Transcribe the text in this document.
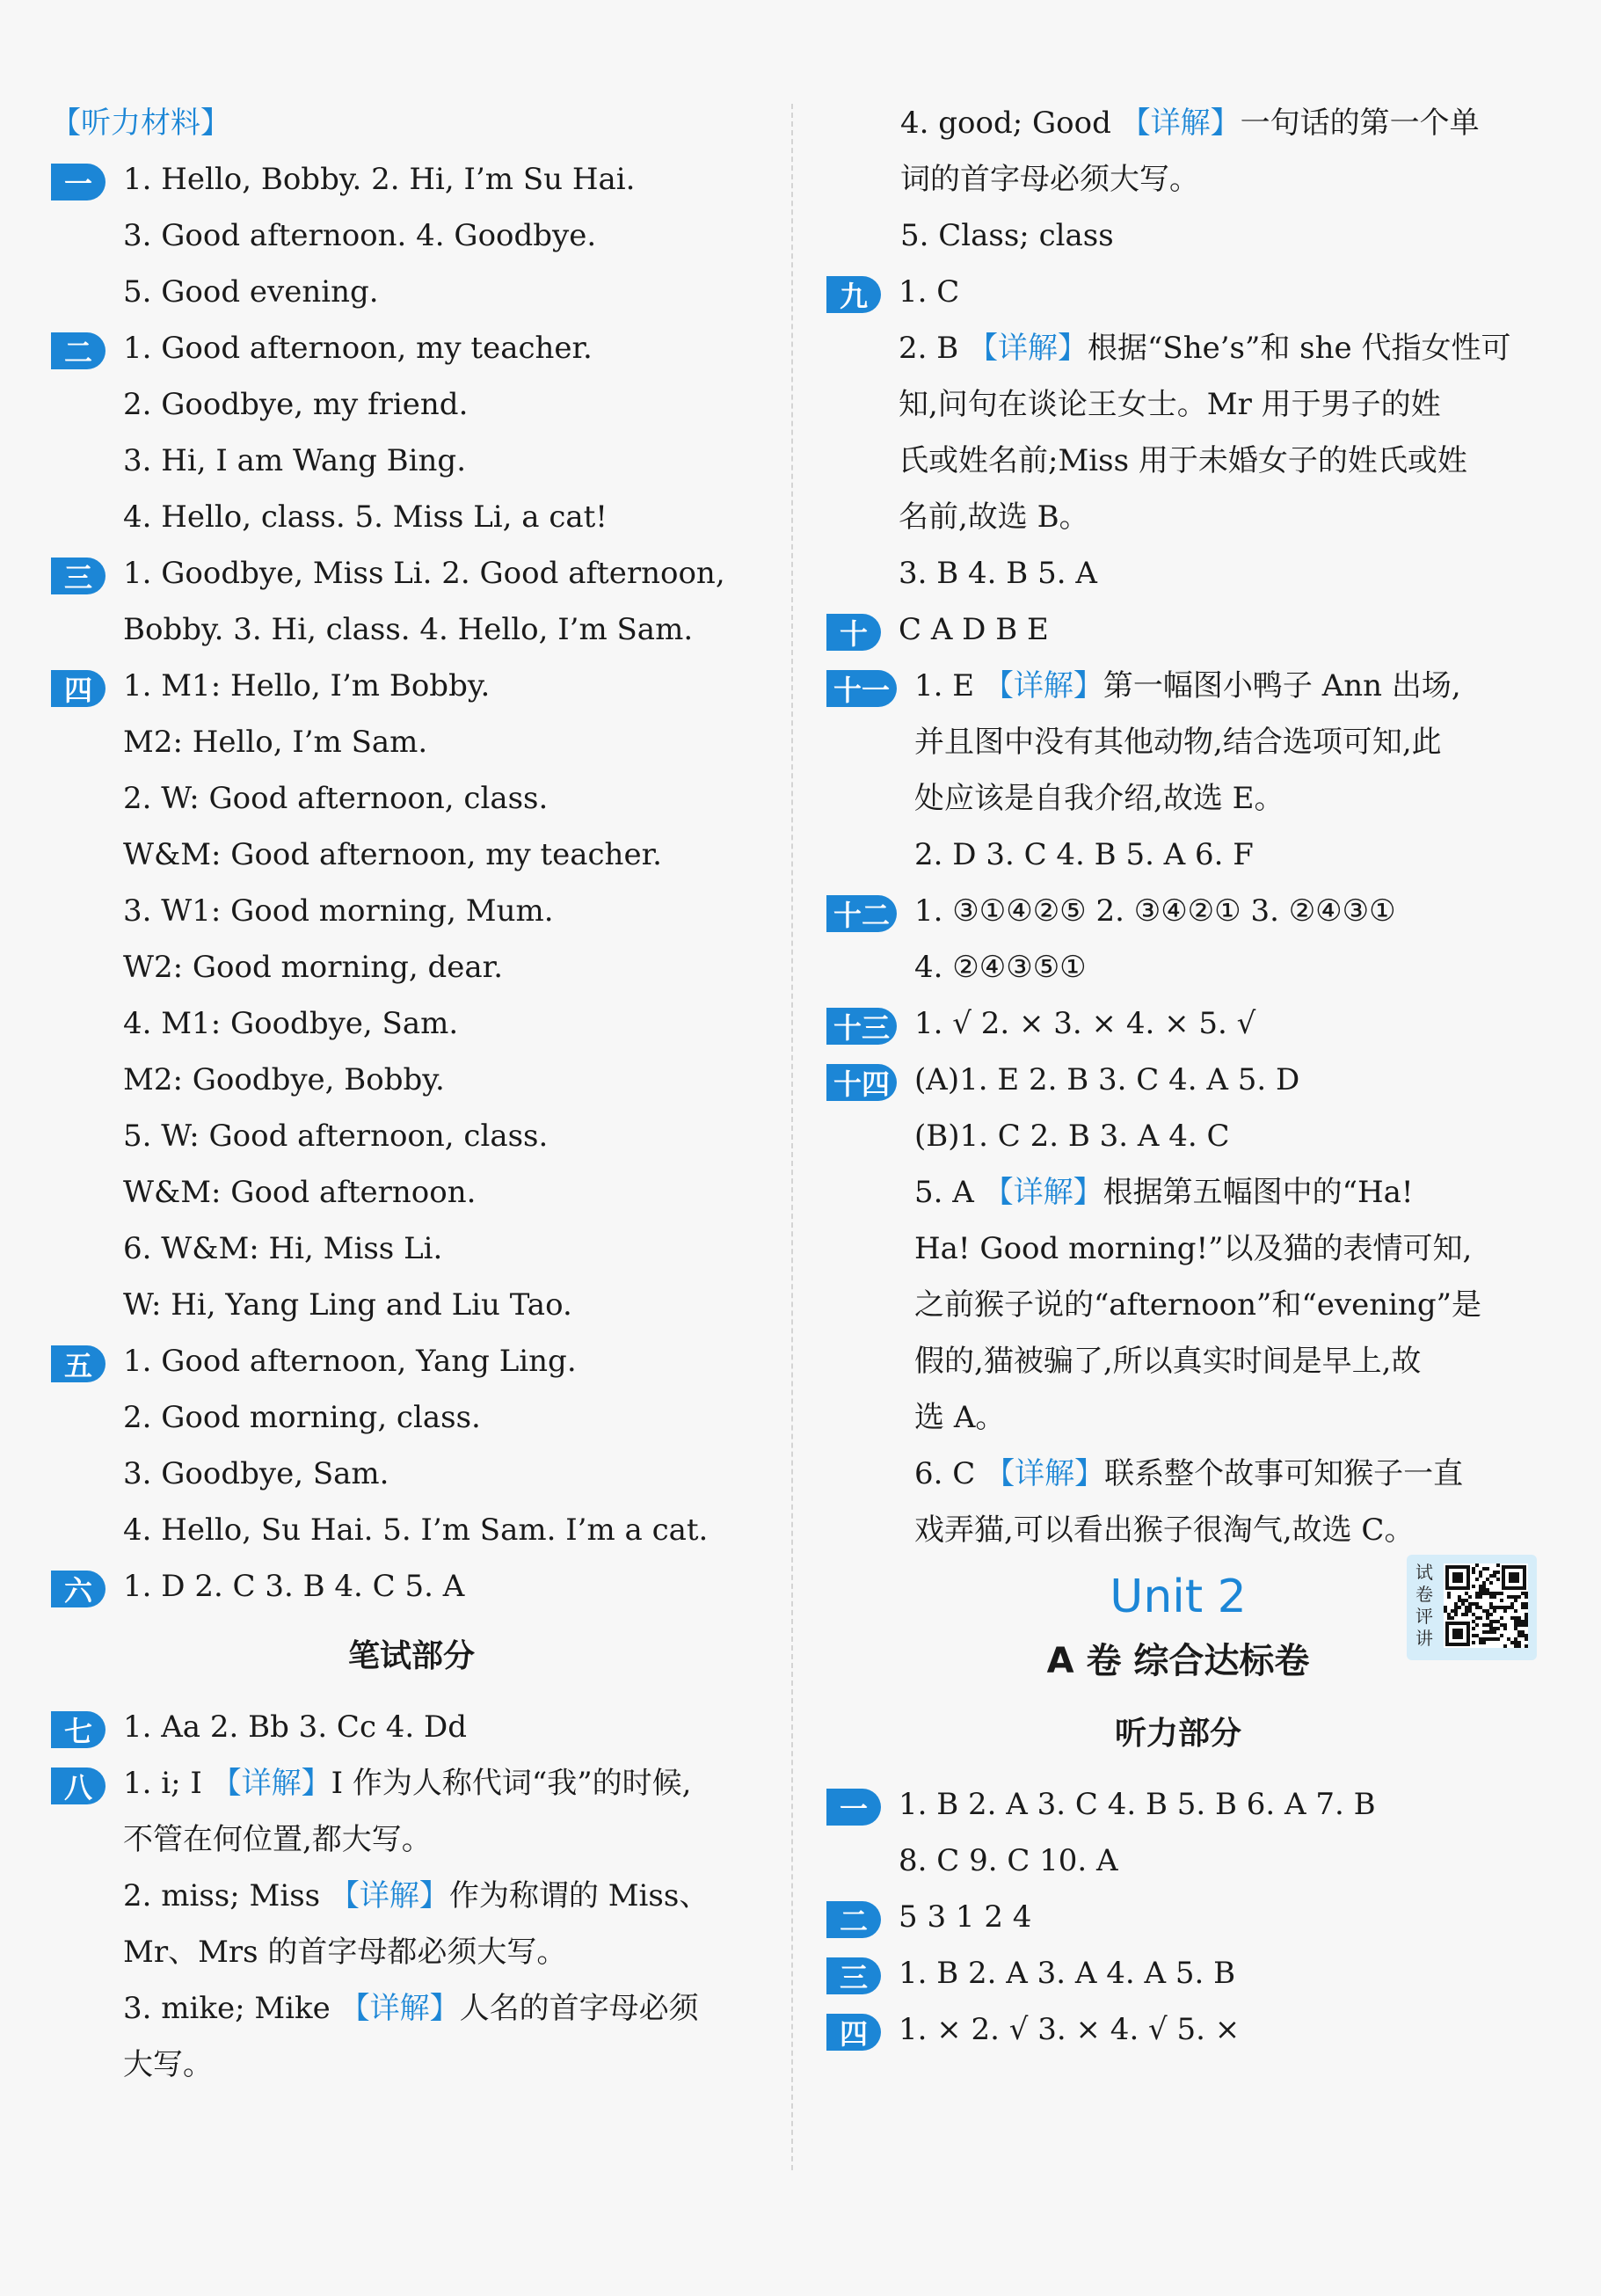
【听力材料】
一	1. Hello, Bobby. 2. Hi, I’m Su Hai.
3. Good afternoon. 4. Goodbye.
5. Good evening.
二	1. Good afternoon, my teacher.
2. Goodbye, my friend.
3. Hi, I am Wang Bing.
4. Hello, class. 5. Miss Li, a cat!
三	1. Goodbye, Miss Li. 2. Good afternoon,
Bobby. 3. Hi, class. 4. Hello, I’m Sam.
四	1. M1: Hello, I’m Bobby.
M2: Hello, I’m Sam.
2. W: Good afternoon, class.
W&M: Good afternoon, my teacher.
3. W1: Good morning, Mum.
W2: Good morning, dear.
4. M1: Goodbye, Sam.
M2: Goodbye, Bobby.
5. W: Good afternoon, class.
W&M: Good afternoon.
6. W&M: Hi, Miss Li.
W: Hi, Yang Ling and Liu Tao.
五	1. Good afternoon, Yang Ling.
2. Good morning, class.
3. Goodbye, Sam.
4. Hello, Su Hai. 5. I’m Sam. I’m a cat.
六	1. D 2. C 3. B 4. C 5. A
笔试部分
七	1. Aa 2. Bb 3. Cc 4. Dd
八	1. i; I 【详解】I 作为人称代词“我”的时候,
不管在何位置,都大写。
2. miss; Miss 【详解】作为称谓的 Miss、
Mr、Mrs 的首字母都必须大写。
3. mike; Mike 【详解】人名的首字母必须
大写。
4. good; Good 【详解】一句话的第一个单
词的首字母必须大写。
5. Class; class
九	1. C
2. B 【详解】根据“She’s”和 she 代指女性可
知,问句在谈论王女士。Mr 用于男子的姓
氏或姓名前;Miss 用于未婚女子的姓氏或姓
名前,故选 B。
3. B 4. B 5. A
十	C A D B E
十一 1. E 【详解】第一幅图小鸭子 Ann 出场,
并且图中没有其他动物,结合选项可知,此
处应该是自我介绍,故选 E。
2. D 3. C 4. B 5. A 6. F
十二 1. ③①④②⑤ 2. ③④②① 3. ②④③①
4. ②④③⑤①
十三 1. √ 2. × 3. × 4. × 5. √
十四 (A)1. E 2. B 3. C 4. A 5. D
(B)1. C 2. B 3. A 4. C
5. A 【详解】根据第五幅图中的“Ha!
Ha! Good morning!”以及猫的表情可知,
之前猴子说的“afternoon”和“evening”是
假的,猫被骗了,所以真实时间是早上,故
选 A。
6. C 【详解】联系整个故事可知猴子一直
戏弄猫,可以看出猴子很淘气,故选 C。
Unit 2	试
卷
评
讲
A 卷 综合达标卷
听力部分
一	1. B 2. A 3. C 4. B 5. B 6. A 7. B
8. C 9. C 10. A
二	5 3 1 2 4
三	1. B 2. A 3. A 4. A 5. B
四	1. × 2. √ 3. × 4. √ 5. ×
